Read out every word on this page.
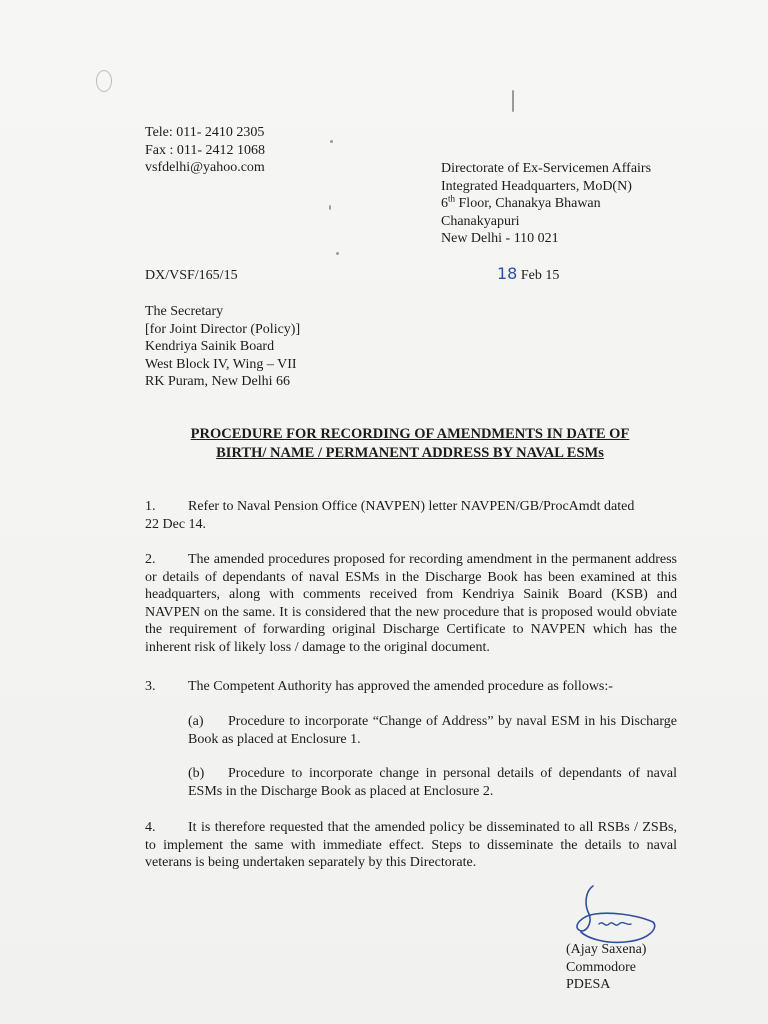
Tele: 011- 2410 2305
Fax : 011- 2412 1068
vsfdelhi@yahoo.com	Directorate of Ex-Servicemen Affairs
Integrated Headquarters, MoD(N)
6th Floor, Chanakya Bhawan
Chanakyapuri
New Delhi - 110 021
DX/VSF/165/15	18 Feb 15
The Secretary
[for Joint Director (Policy)]
Kendriya Sainik Board
West Block IV, Wing – VII
RK Puram, New Delhi 66
PROCEDURE FOR RECORDING OF AMENDMENTS IN DATE OF
BIRTH/ NAME / PERMANENT ADDRESS BY NAVAL ESMs
1. Refer to Naval Pension Office (NAVPEN) letter NAVPEN/GB/ProcAmdt dated
22 Dec 14.
2. The amended procedures proposed for recording amendment in the permanent address or details of dependants of naval ESMs in the Discharge Book has been examined at this headquarters, along with comments received from Kendriya Sainik Board (KSB) and NAVPEN on the same. It is considered that the new procedure that is proposed would obviate the requirement of forwarding original Discharge Certificate to NAVPEN which has the inherent risk of likely loss / damage to the original document.
3. The Competent Authority has approved the amended procedure as follows:-
(a) Procedure to incorporate “Change of Address” by naval ESM in his Discharge Book as placed at Enclosure 1.
(b) Procedure to incorporate change in personal details of dependants of naval ESMs in the Discharge Book as placed at Enclosure 2.
4. It is therefore requested that the amended policy be disseminated to all RSBs / ZSBs, to implement the same with immediate effect. Steps to disseminate the details to naval veterans is being undertaken separately by this Directorate.
(Ajay Saxena)
Commodore
PDESA
